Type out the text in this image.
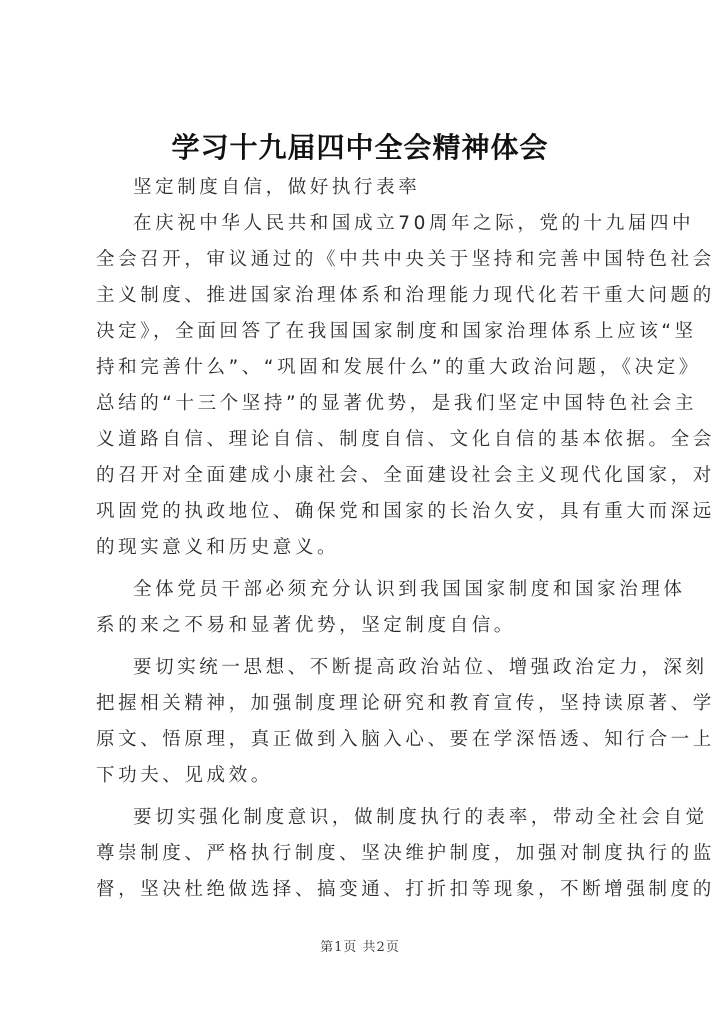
学习十九届四中全会精神体会
坚定制度自信，做好执行表率
在庆祝中华人民共和国成立70周年之际，党的十九届四中
全会召开，审议通过的《中共中央关于坚持和完善中国特色社会
主义制度、推进国家治理体系和治理能力现代化若干重大问题的
决定》，全面回答了在我国国家制度和国家治理体系上应该“坚
持和完善什么”、“巩固和发展什么”的重大政治问题，《决定》
总结的“十三个坚持”的显著优势，是我们坚定中国特色社会主
义道路自信、理论自信、制度自信、文化自信的基本依据。全会
的召开对全面建成小康社会、全面建设社会主义现代化国家，对
巩固党的执政地位、确保党和国家的长治久安，具有重大而深远
的现实意义和历史意义。
全体党员干部必须充分认识到我国国家制度和国家治理体
系的来之不易和显著优势，坚定制度自信。
要切实统一思想、不断提高政治站位、增强政治定力，深刻
把握相关精神，加强制度理论研究和教育宣传，坚持读原著、学
原文、悟原理，真正做到入脑入心、要在学深悟透、知行合一上
下功夫、见成效。
要切实强化制度意识，做制度执行的表率，带动全社会自觉
尊崇制度、严格执行制度、坚决维护制度，加强对制度执行的监
督，坚决杜绝做选择、搞变通、打折扣等现象，不断增强制度的
第1页 共2页
